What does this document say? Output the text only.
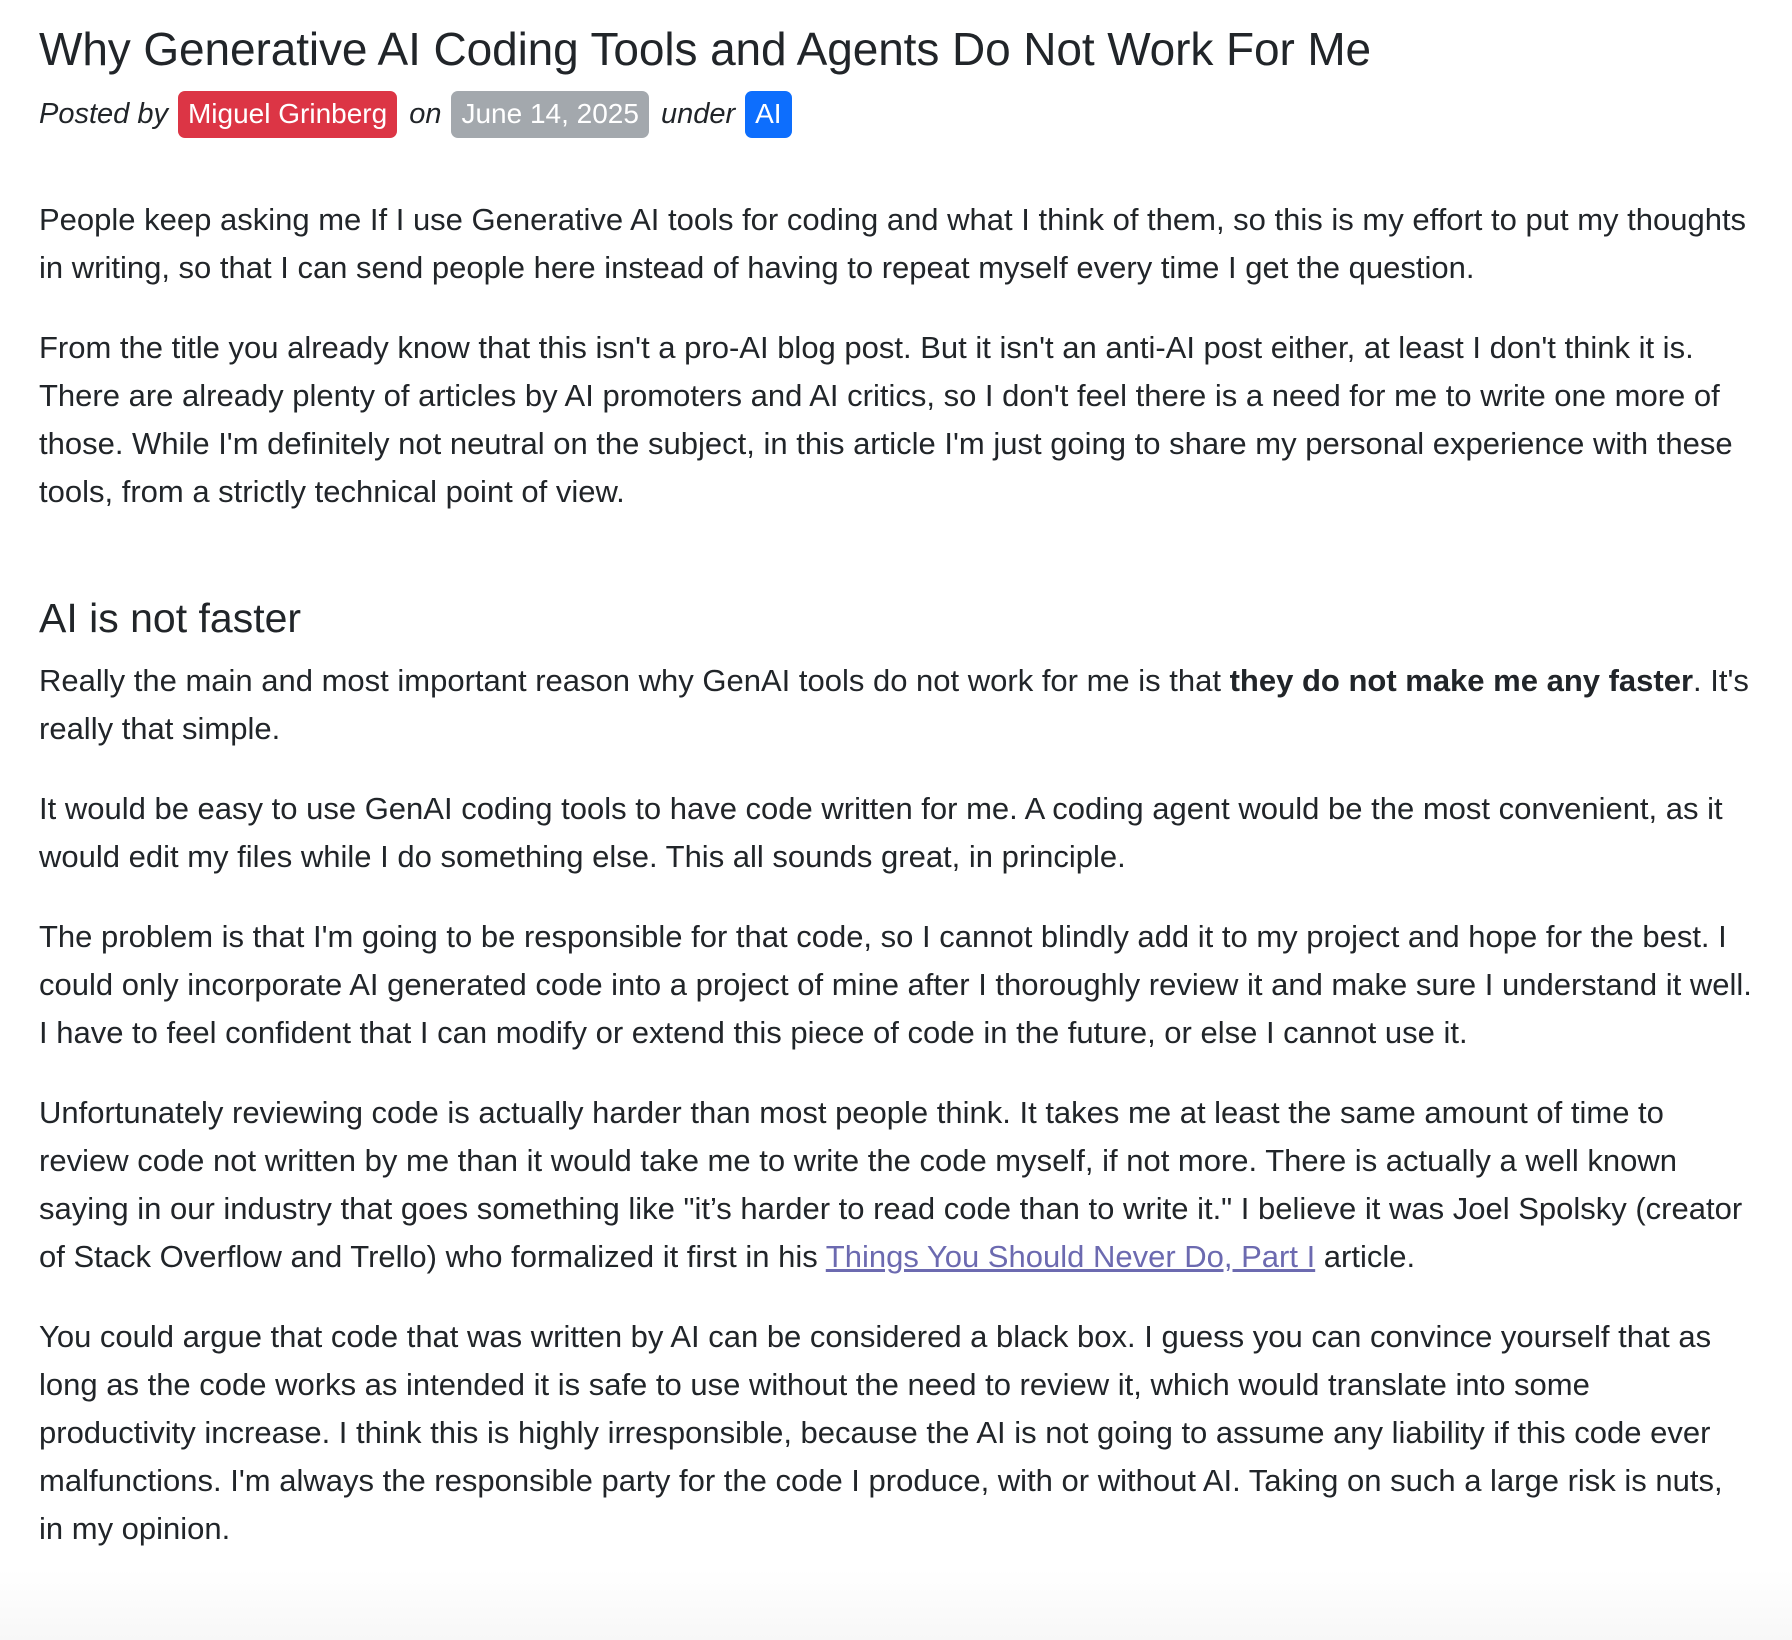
Why Generative AI Coding Tools and Agents Do Not Work For Me
Posted by Miguel Grinberg on June 14, 2025 under AI

People keep asking me If I use Generative AI tools for coding and what I think of them, so this is my effort to put my thoughts in writing, so that I can send people here instead of having to repeat myself every time I get the question.

From the title you already know that this isn't a pro-AI blog post. But it isn't an anti-AI post either, at least I don't think it is. There are already plenty of articles by AI promoters and AI critics, so I don't feel there is a need for me to write one more of those. While I'm definitely not neutral on the subject, in this article I'm just going to share my personal experience with these tools, from a strictly technical point of view.

AI is not faster

Really the main and most important reason why GenAI tools do not work for me is that they do not make me any faster. It's really that simple.

It would be easy to use GenAI coding tools to have code written for me. A coding agent would be the most convenient, as it would edit my files while I do something else. This all sounds great, in principle.

The problem is that I'm going to be responsible for that code, so I cannot blindly add it to my project and hope for the best. I could only incorporate AI generated code into a project of mine after I thoroughly review it and make sure I understand it well. I have to feel confident that I can modify or extend this piece of code in the future, or else I cannot use it.

Unfortunately reviewing code is actually harder than most people think. It takes me at least the same amount of time to review code not written by me than it would take me to write the code myself, if not more. There is actually a well known saying in our industry that goes something like "it’s harder to read code than to write it." I believe it was Joel Spolsky (creator of Stack Overflow and Trello) who formalized it first in his Things You Should Never Do, Part I article.

You could argue that code that was written by AI can be considered a black box. I guess you can convince yourself that as long as the code works as intended it is safe to use without the need to review it, which would translate into some productivity increase. I think this is highly irresponsible, because the AI is not going to assume any liability if this code ever malfunctions. I'm always the responsible party for the code I produce, with or without AI. Taking on such a large risk is nuts, in my opinion.
